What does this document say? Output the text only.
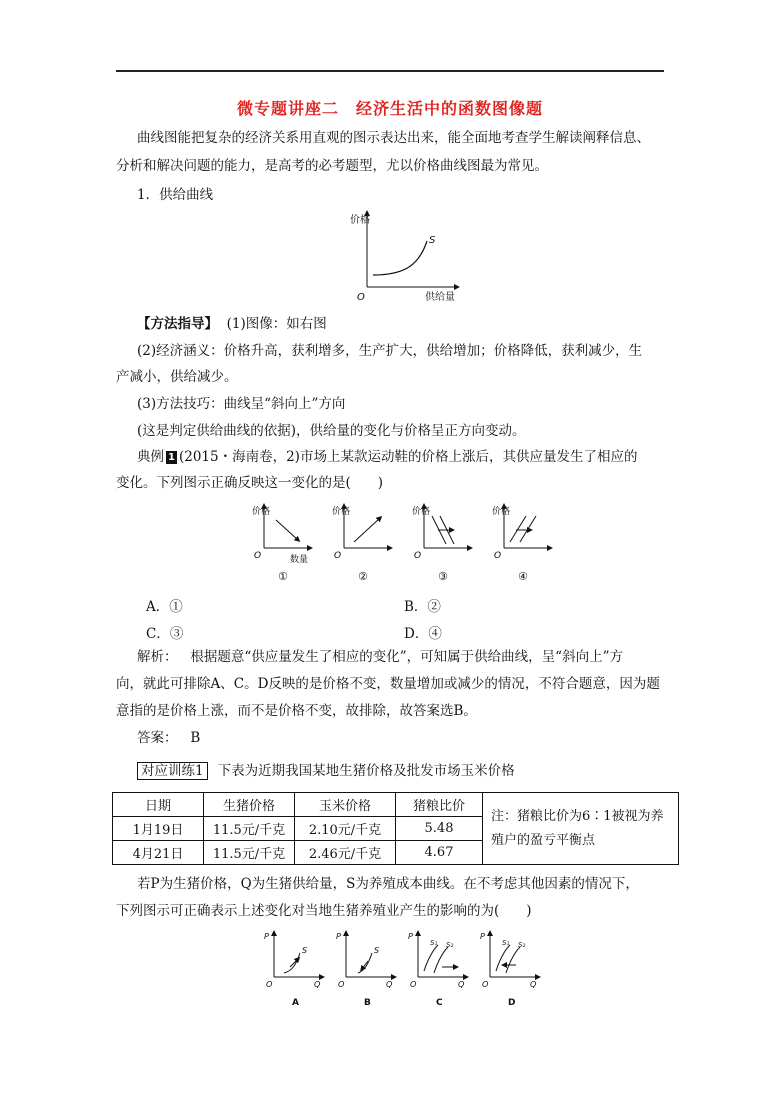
微专题讲座二　经济生活中的函数图像题
曲线图能把复杂的经济关系用直观的图示表达出来，能全面地考查学生解读阐释信息、
分析和解决问题的能力，是高考的必考题型，尤以价格曲线图最为常见。
1．供给曲线
价格
O	供给量
S
【方法指导】 (1)图像：如右图
(2)经济涵义：价格升高，获利增多，生产扩大，供给增加；价格降低，获利减少，生
产减小，供给减少。
(3)方法技巧：曲线呈“斜向上”方向
(这是判定供给曲线的依据)，供给量的变化与价格呈正方向变动。
典例 1 (2015・海南卷，2)市场上某款运动鞋的价格上涨后，其供应量发生了相应的
变化。下列图示正确反映这一变化的是(　　)
价格
O	数量
①
价格
O
②
价格
O
③
价格
O
④
A．①	B．②
C．③	D．④
解析： 根据题意“供应量发生了相应的变化”，可知属于供给曲线，呈“斜向上”方
向，就此可排除A、C。D反映的是价格不变，数量增加或减少的情况，不符合题意，因为题
意指的是价格上涨，而不是价格不变，故排除，故答案选B。
答案： B
对应训练1 下表为近期我国某地生猪价格及批发市场玉米价格
日期	生猪价格	玉米价格	猪粮比价	注：猪粮比价为6∶1被视为养殖户的盈亏平衡点
1月19日	11.5元/千克	2.10元/千克	5.48	
4月21日	11.5元/千克	2.46元/千克	4.67	
若P为生猪价格，Q为生猪供给量，S为养殖成本曲线。在不考虑其他因素的情况下，
下列图示可正确表示上述变化对当地生猪养殖业产生的影响的为(　　)
P
O	Q
S
A
P
O	Q
S
B
P
O	Q
S₁ S₂
C
P
O	Q
S₁ S₂
D
